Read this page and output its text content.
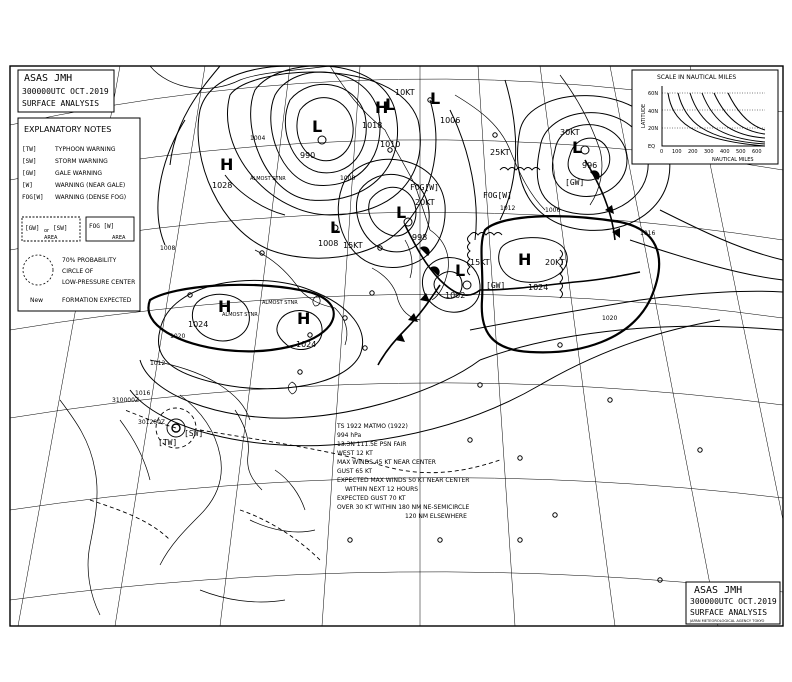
L
990
L
1010
L
1006
L
1008
L
998
L
1002
L
996
H
1028
H
1024	H
1024
H
1024
H
1018
1000
1004
1008
1012
1016
1020
1012
1016
1006
1020
[GW]
[GW]
[SW]
FOG[W]
FOG[W]
ALMOST STNR
ALMOST STNR
ALMOST STNR
20KT
15KT
10KT
25KT
30KT
15KT	20KT
310000Z
301200Z
[TW]
TS 1922 MATMO (1922)
994 hPa
13.3N 111.5E PSN FAIR
WEST 12 KT
MAX WINDS 45 KT NEAR CENTER
GUST 65 KT
EXPECTED MAX WINDS 50 KT NEAR CENTER
WITHIN NEXT 12 HOURS
EXPECTED GUST 70 KT
OVER 30 KT WITHIN 180 NM NE-SEMICIRCLE
120 NM ELSEWHERE
ASAS JMH
300000UTC OCT.2019
SURFACE ANALYSIS
EXPLANATORY NOTES
[TW]	TYPHOON WARNING
[SW]	STORM WARNING
[GW]	GALE WARNING
[W]	WARNING (NEAR GALE)
FOG[W] WARNING (DENSE FOG)
[GW] or [SW]
AREA
FOG [W]
AREA
70% PROBABILITY
CIRCLE OF
LOW-PRESSURE CENTER
New	FORMATION EXPECTED
SCALE IN NAUTICAL MILES
LATITUDE
60N
40N
20N
EQ
0 100 200 300 400 500 600
NAUTICAL MILES
ASAS JMH
300000UTC OCT.2019
SURFACE ANALYSIS
JAPAN METEOROLOGICAL AGENCY TOKYO
